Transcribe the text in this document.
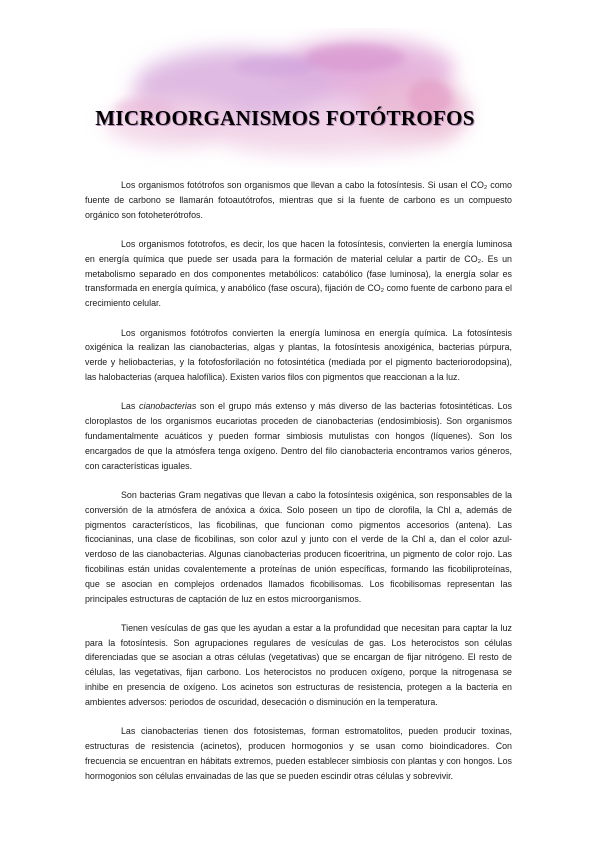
MICROORGANISMOS FOTÓTROFOS

Los organismos fotótrofos son organismos que llevan a cabo la fotosíntesis. Si usan el CO₂ como fuente de carbono se llamarán fotoautótrofos, mientras que si la fuente de carbono es un compuesto orgánico son fotoheterótrofos.

Los organismos fototrofos, es decir, los que hacen la fotosíntesis, convierten la energía luminosa en energía química que puede ser usada para la formación de material celular a partir de CO₂. Es un metabolismo separado en dos componentes metabólicos: catabólico (fase luminosa), la energía solar es transformada en energía química, y anabólico (fase oscura), fijación de CO₂ como fuente de carbono para el crecimiento celular.

Los organismos fotótrofos convierten la energía luminosa en energía química. La fotosíntesis oxigénica la realizan las cianobacterias, algas y plantas, la fotosíntesis anoxigénica, bacterias púrpura, verde y heliobacterias, y la fotofosforilación no fotosintética (mediada por el pigmento bacteriorodopsina), las halobacterias (arquea halofílica). Existen varios filos con pigmentos que reaccionan a la luz.

Las cianobacterias son el grupo más extenso y más diverso de las bacterias fotosintéticas. Los cloroplastos de los organismos eucariotas proceden de cianobacterias (endosimbiosis). Son organismos fundamentalmente acuáticos y pueden formar simbiosis mutulistas con hongos (líquenes). Son los encargados de que la atmósfera tenga oxígeno. Dentro del filo cianobacteria encontramos varios géneros, con características iguales.

Son bacterias Gram negativas que llevan a cabo la fotosíntesis oxigénica, son responsables de la conversión de la atmósfera de anóxica a óxica. Solo poseen un tipo de clorofila, la Chl a, además de pigmentos característicos, las ficobilinas, que funcionan como pigmentos accesorios (antena). Las ficocianinas, una clase de ficobilinas, son color azul y junto con el verde de la Chl a, dan el color azul-verdoso de las cianobacterias. Algunas cianobacterias producen ficoeritrina, un pigmento de color rojo. Las ficobilinas están unidas covalentemente a proteínas de unión específicas, formando las ficobiliproteínas, que se asocian en complejos ordenados llamados ficobilisomas. Los ficobilisomas representan las principales estructuras de captación de luz en estos microorganismos.

Tienen vesículas de gas que les ayudan a estar a la profundidad que necesitan para captar la luz para la fotosíntesis. Son agrupaciones regulares de vesículas de gas. Los heterocistos son células diferenciadas que se asocian a otras células (vegetativas) que se encargan de fijar nitrógeno. El resto de células, las vegetativas, fijan carbono. Los heterocistos no producen oxígeno, porque la nitrogenasa se inhibe en presencia de oxígeno. Los acinetos son estructuras de resistencia, protegen a la bacteria en ambientes adversos: periodos de oscuridad, desecación o disminución en la temperatura.

Las cianobacterias tienen dos fotosistemas, forman estromatolitos, pueden producir toxinas, estructuras de resistencia (acinetos), producen hormogonios y se usan como bioindicadores. Con frecuencia se encuentran en hábitats extremos, pueden establecer simbiosis con plantas y con hongos. Los hormogonios son células envainadas de las que se pueden escindir otras células y sobrevivir.
